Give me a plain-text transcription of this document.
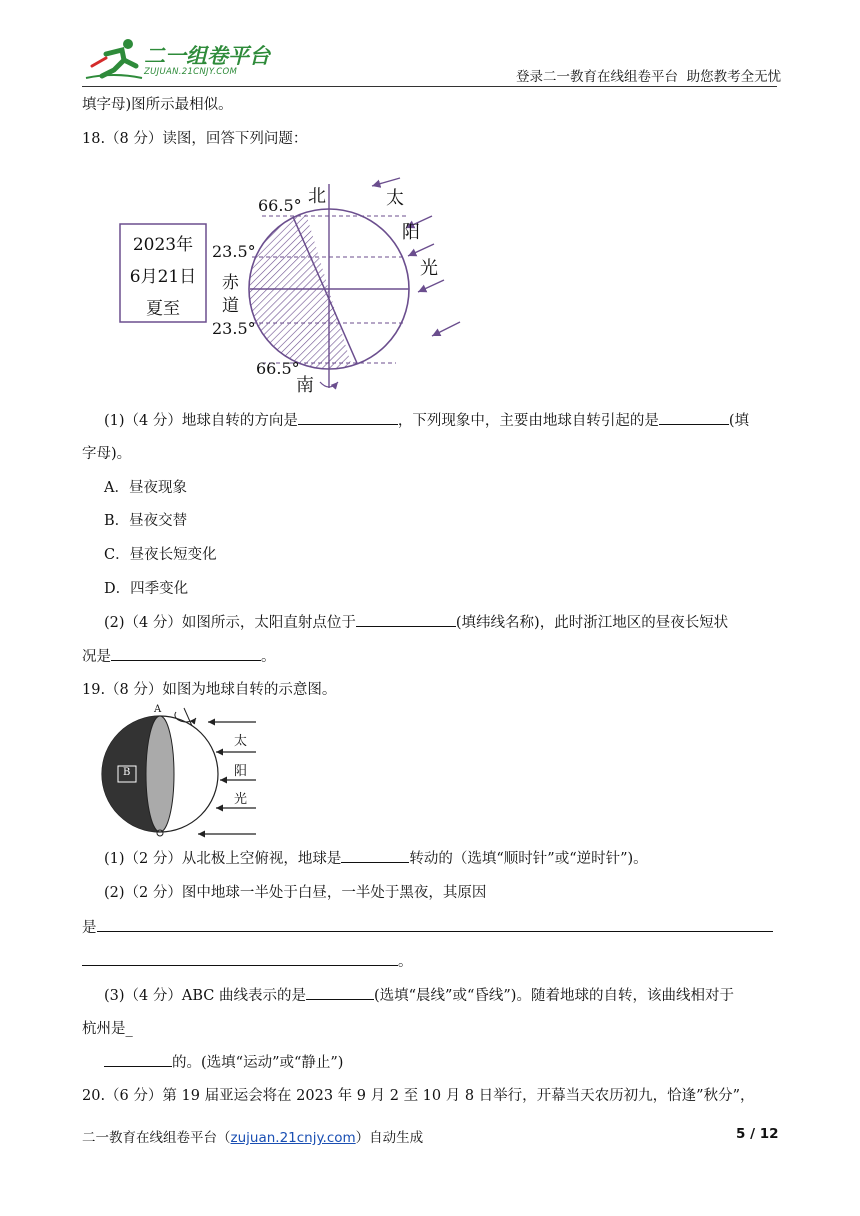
二一组卷平台
ZUJUAN.21CNJY.COM	登录二一教育在线组卷平台  助您教考全无忧
填字母)图所示最相似。
18.（8 分）读图，回答下列问题：
2023年
6月21日
夏至
北
南
66.5°
23.5°
赤
道
23.5°
66.5°
太
阳
光
(1)（4 分）地球自转的方向是	，下列现象中，主要由地球自转引起的是	(填
字母)。
A．昼夜现象
B．昼夜交替
C．昼夜长短变化
D．四季变化
(2)（4 分）如图所示，太阳直射点位于	(填纬线名称)，此时浙江地区的昼夜长短状
况是	。
19.（8 分）如图为地球自转的示意图。
A
B
太
阳
光
(1)（2 分）从北极上空俯视，地球是	转动的（选填“顺时针”或“逆时针”)。
(2)（2 分）图中地球一半处于白昼，一半处于黑夜，其原因
是
。
(3)（4 分）ABC 曲线表示的是	(选填“晨线”或“昏线”)。随着地球的自转，该曲线相对于
杭州是_
的。(选填“运动”或“静止”)
20.（6 分）第 19 届亚运会将在 2023 年 9 月 2 至 10 月 8 日举行，开幕当天农历初九，恰逢”秋分”，
二一教育在线组卷平台（zujuan.21cnjy.com）自动生成	5 / 12
